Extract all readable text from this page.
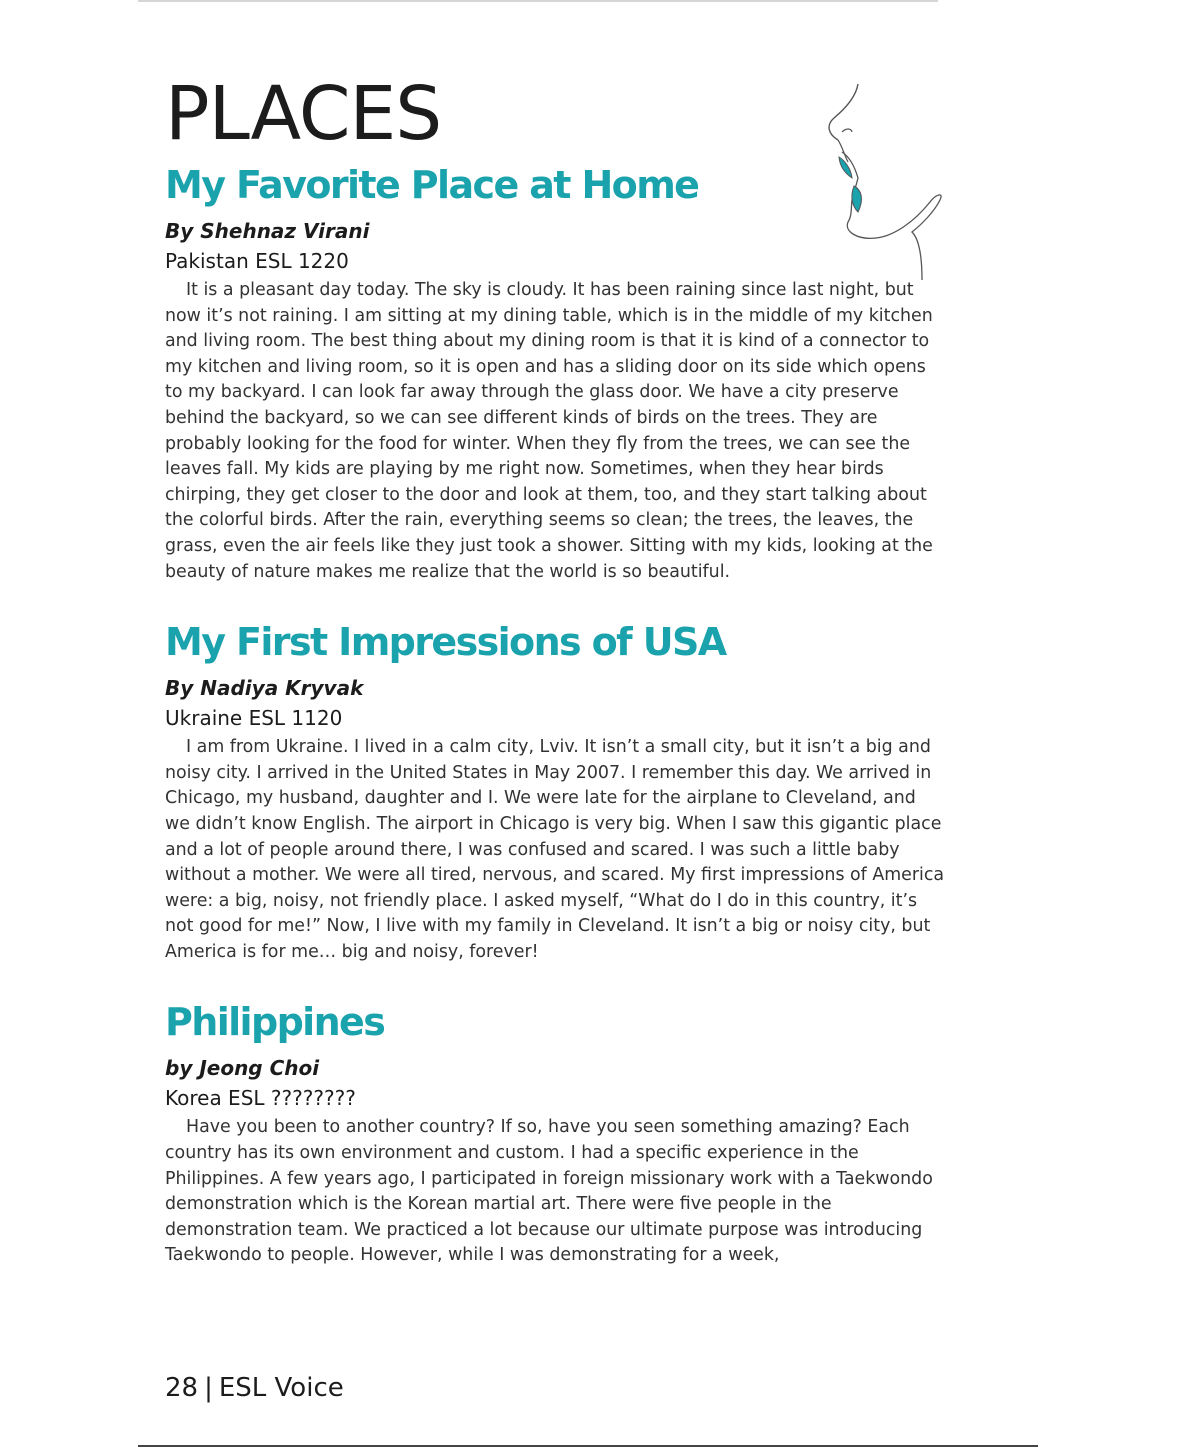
PLACES
My Favorite Place at Home

By Shehnaz Virani

Pakistan ESL 1220

It is a pleasant day today. The sky is cloudy. It has been raining since last night, but now it’s not raining. I am sitting at my dining table, which is in the middle of my kitchen and living room. The best thing about my dining room is that it is kind of a connector to my kitchen and living room, so it is open and has a sliding door on its side which opens to my backyard. I can look far away through the glass door. We have a city preserve behind the backyard, so we can see different kinds of birds on the trees. They are probably looking for the food for winter. When they fly from the trees, we can see the leaves fall. My kids are playing by me right now. Sometimes, when they hear birds chirping, they get closer to the door and look at them, too, and they start talking about the colorful birds. After the rain, everything seems so clean; the trees, the leaves, the grass, even the air feels like they just took a shower. Sitting with my kids, looking at the beauty of nature makes me realize that the world is so beautiful.

My First Impressions of USA

By Nadiya Kryvak

Ukraine ESL 1120

I am from Ukraine. I lived in a calm city, Lviv. It isn’t a small city, but it isn’t a big and noisy city. I arrived in the United States in May 2007. I remember this day. We arrived in Chicago, my husband, daughter and I. We were late for the airplane to Cleveland, and we didn’t know English. The airport in Chicago is very big. When I saw this gigantic place and a lot of people around there, I was confused and scared. I was such a little baby without a mother. We were all tired, nervous, and scared. My first impressions of America were: a big, noisy, not friendly place. I asked myself, “What do I do in this country, it’s not good for me!” Now, I live with my family in Cleveland. It isn’t a big or noisy city, but America is for me… big and noisy, forever!

Philippines

by Jeong Choi

Korea ESL ????????

Have you been to another country? If so, have you seen something amazing? Each country has its own environment and custom. I had a specific experience in the Philippines. A few years ago, I participated in foreign missionary work with a Taekwondo demonstration which is the Korean martial art. There were five people in the demonstration team. We practiced a lot because our ultimate purpose was introducing Taekwondo to people. However, while I was demonstrating for a week,

28 | ESL Voice
